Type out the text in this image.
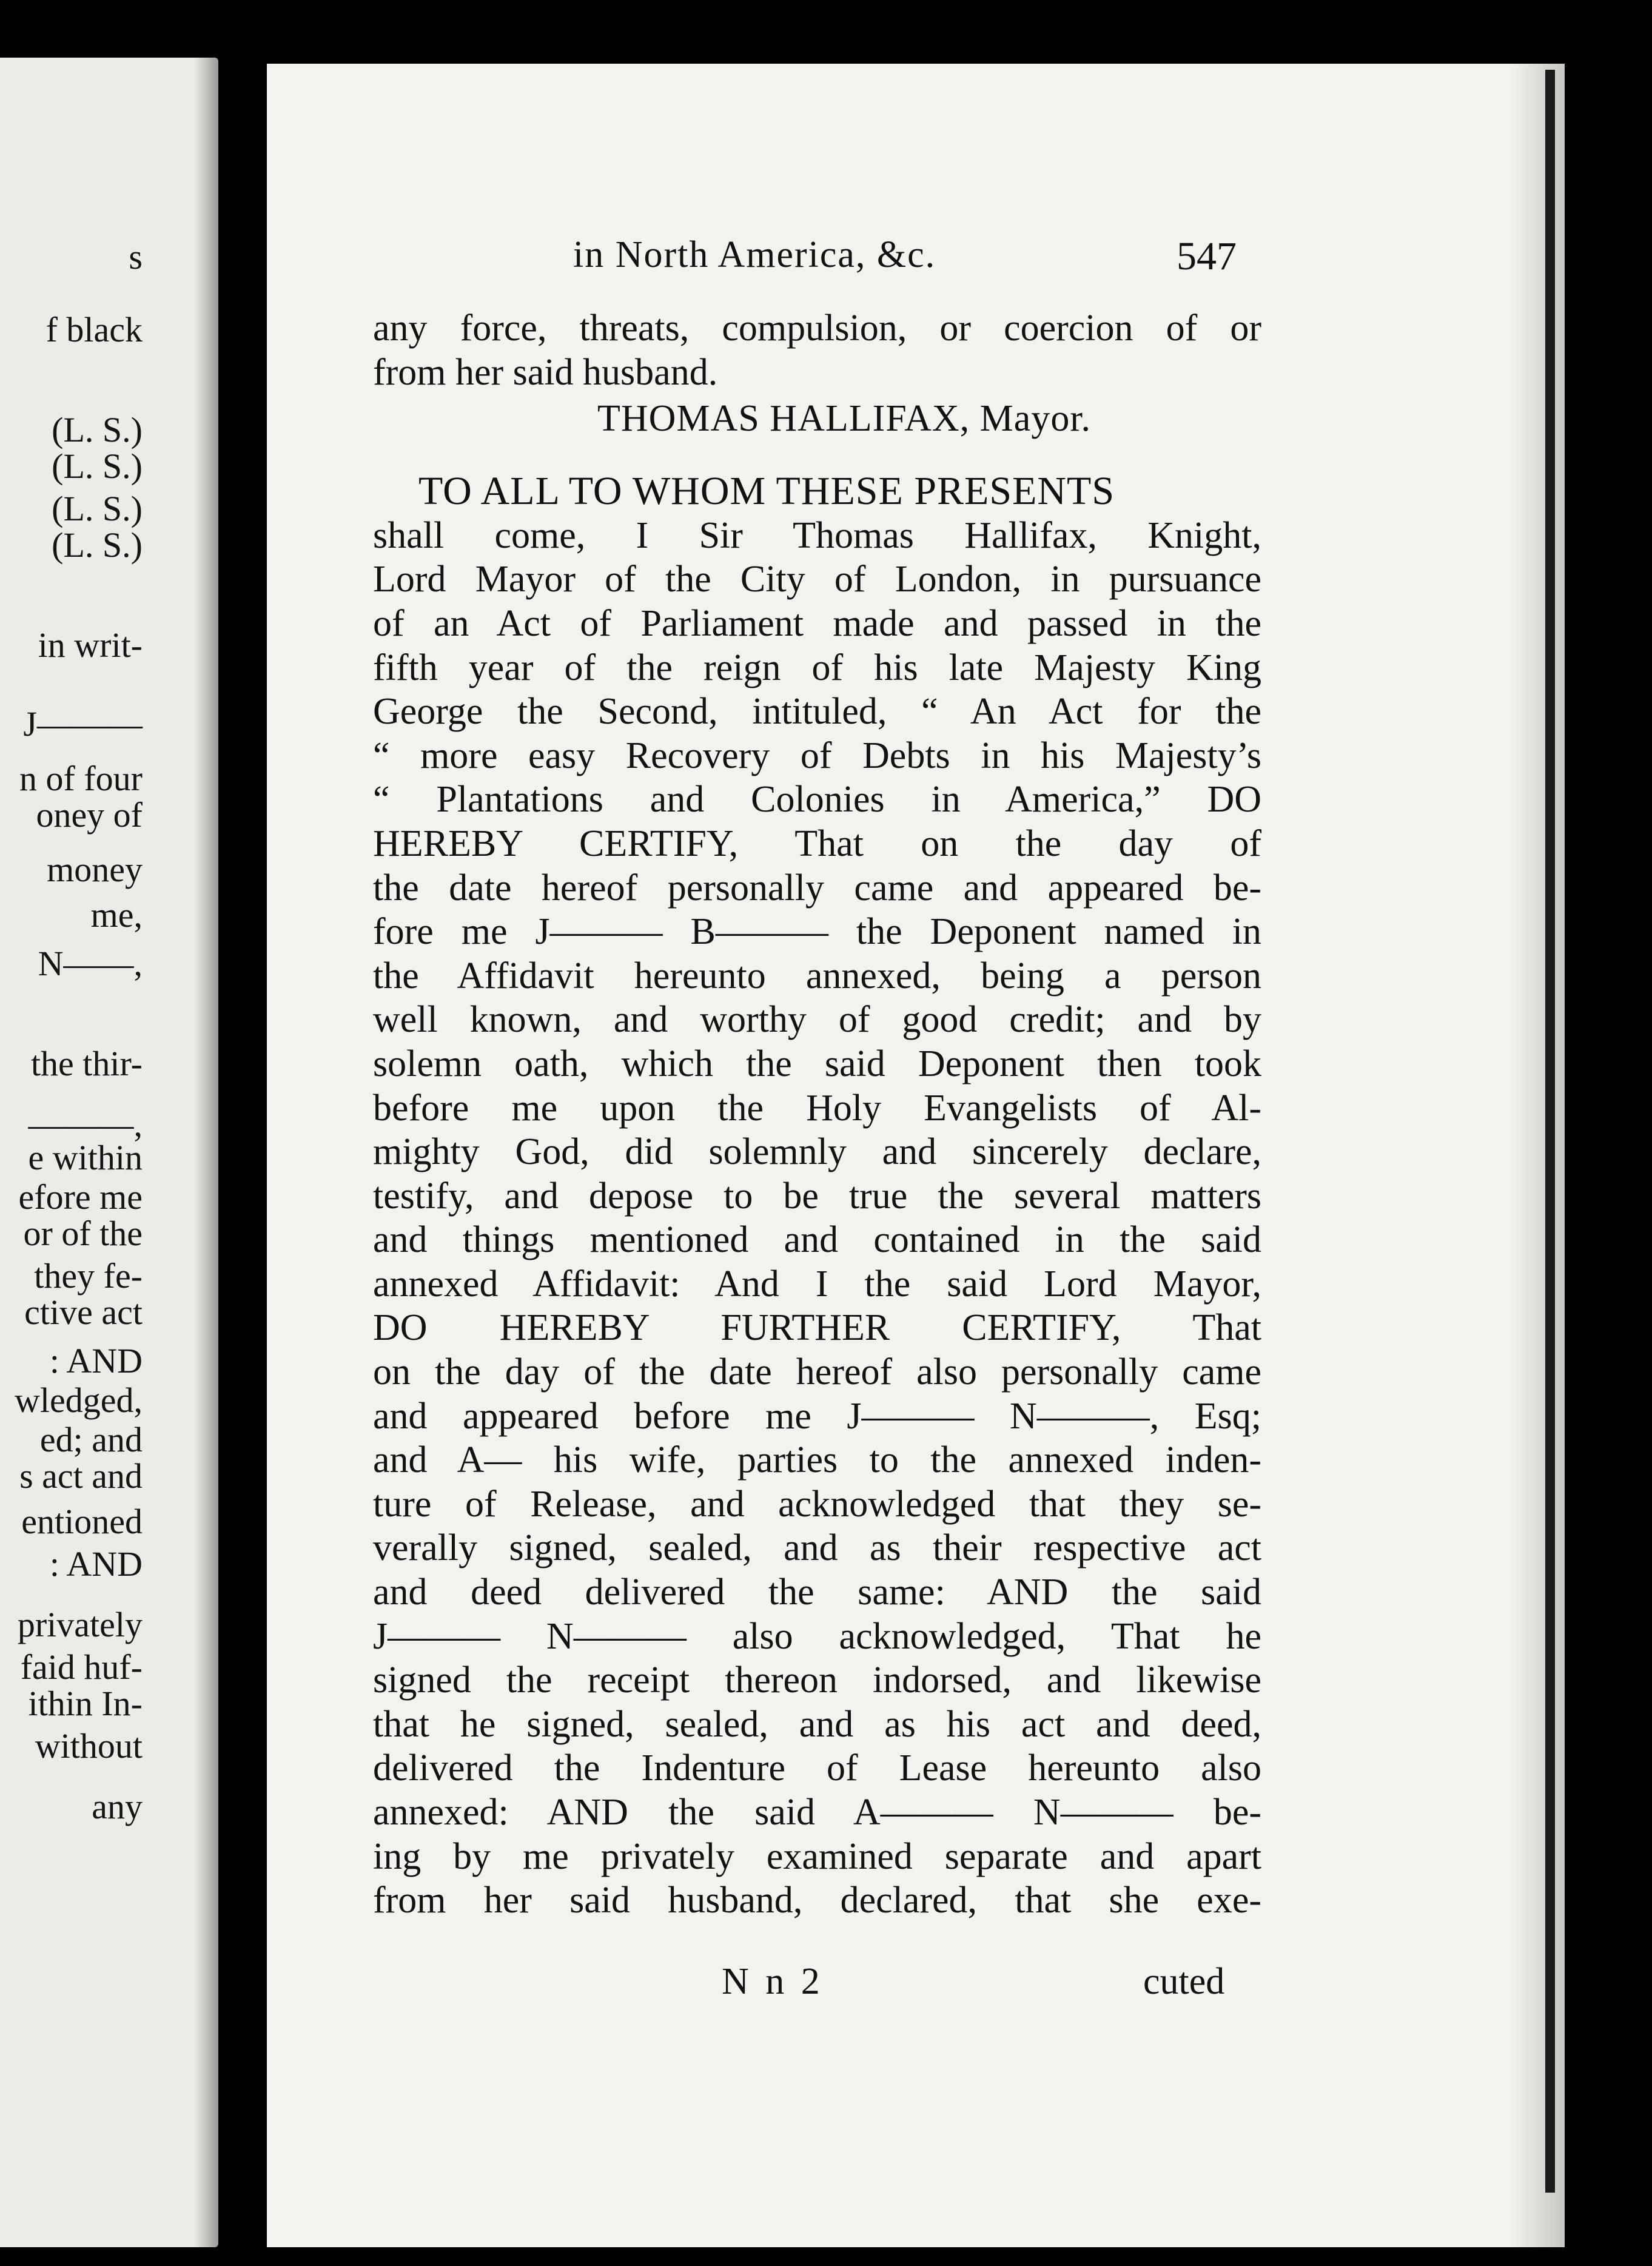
s
f black
(L. S.)
(L. S.)
(L. S.)
(L. S.)
in writ-
J———
n of four
oney of
money
me,
N——,
the thir-
———,
e within
efore me
or of the
they fe-
ctive act
: AND
wledged,
ed; and
s act and
entioned
: AND
privately
faid huf-
ithin In-
without
any
in North America, &c.	547
any force, threats, compulsion, or coercion of or
from her said husband.
THOMAS HALLIFAX, Mayor.
TO ALL TO WHOM THESE PRESENTS
shall come, I Sir Thomas Hallifax, Knight,
Lord Mayor of the City of London, in pursuance
of an Act of Parliament made and passed in the
fifth year of the reign of his late Majesty King
George the Second, intituled, “ An Act for the
“ more easy Recovery of Debts in his Majesty’s
“ Plantations and Colonies in America,” DO
HEREBY CERTIFY, That on the day of
the date hereof personally came and appeared be-
fore me J——— B——— the Deponent named in
the Affidavit hereunto annexed, being a person
well known, and worthy of good credit; and by
solemn oath, which the said Deponent then took
before me upon the Holy Evangelists of Al-
mighty God, did solemnly and sincerely declare,
testify, and depose to be true the several matters
and things mentioned and contained in the said
annexed Affidavit: And I the said Lord Mayor,
DO HEREBY FURTHER CERTIFY, That
on the day of the date hereof also personally came
and appeared before me J——— N———, Esq;
and A— his wife, parties to the annexed inden-
ture of Release, and acknowledged that they se-
verally signed, sealed, and as their respective act
and deed delivered the same: AND the said
J——— N——— also acknowledged, That he
signed the receipt thereon indorsed, and likewise
that he signed, sealed, and as his act and deed,
delivered the Indenture of Lease hereunto also
annexed: AND the said A——— N——— be-
ing by me privately examined separate and apart
from her said husband, declared, that she exe-
N n 2	cuted
